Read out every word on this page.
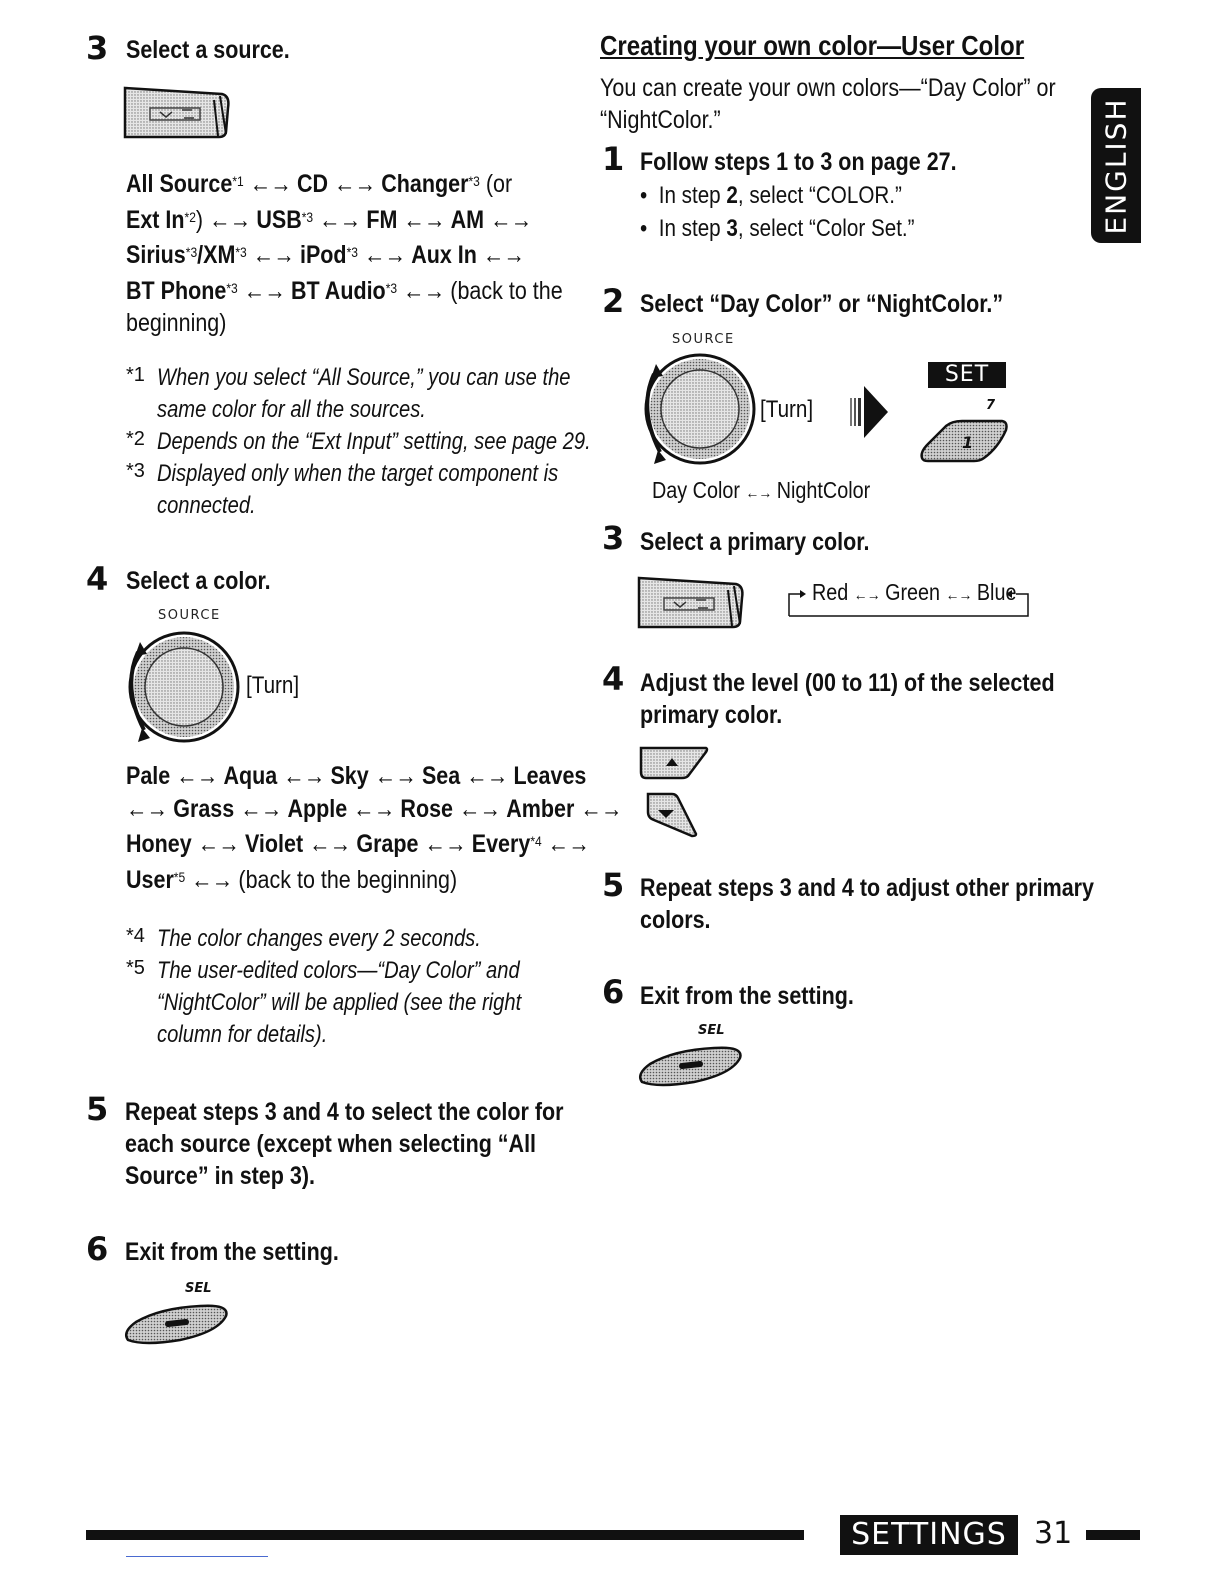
3 Select a source.
All Source$^{*1}$ ←→ CD ←→ Changer$^{*3}$ (or
Ext In$^{*2}$) ←→ $USB^{*3}$ ←→ FM ←→ AM ←→
$Sirius^{*3}/XM^{*3}$ ←→ iPod$^{*3}$ ←→ Aux In ←→
BT Phone$^{*3}$ ←→ BT Audio$^{*3}$ ←→ (back to the
beginning)
*1 When you select “All Source,” you can use the
same color for all the sources.
*2 Depends on the “Ext Input” setting, see page 29.
*3 Displayed only when the target component is
connected.
4 Select a color.
SOURCE
[Turn]
Pale ←→ Aqua ←→ Sky ←→ Sea ←→ Leaves
←→ Grass ←→ Apple ←→ Rose ←→ Amber ←→
Honey ←→ Violet ←→ Grape ←→ Every$^{*4}$ ←→
User$^{*5}$ ←→ (back to the beginning)
*4 The color changes every 2 seconds.
*5 The user-edited colors—“Day Color” and
“NightColor” will be applied (see the right
column for details).
5 Repeat steps 3 and 4 to select the color for
each source (except when selecting “All
Source” in step 3).
6 Exit from the setting.
SEL
Creating your own color—User Color
You can create your own colors—“Day Color” or
“NightColor.”
1 Follow steps 1 to 3 on page 27.
•  In step 2, select “COLOR.”
•  In step 3, select “Color Set.”
2 Select “Day Color” or “NightColor.”
SOURCE
[Turn]
SET
7
1
Day Color ←→ NightColor
3 Select a primary color.
Red ←→ Green ←→ Blue
4 Adjust the level (00 to 11) of the selected
primary color.
5 Repeat steps 3 and 4 to adjust other primary
colors.
6 Exit from the setting.
SEL
ENGLISH
SETTINGS 31
